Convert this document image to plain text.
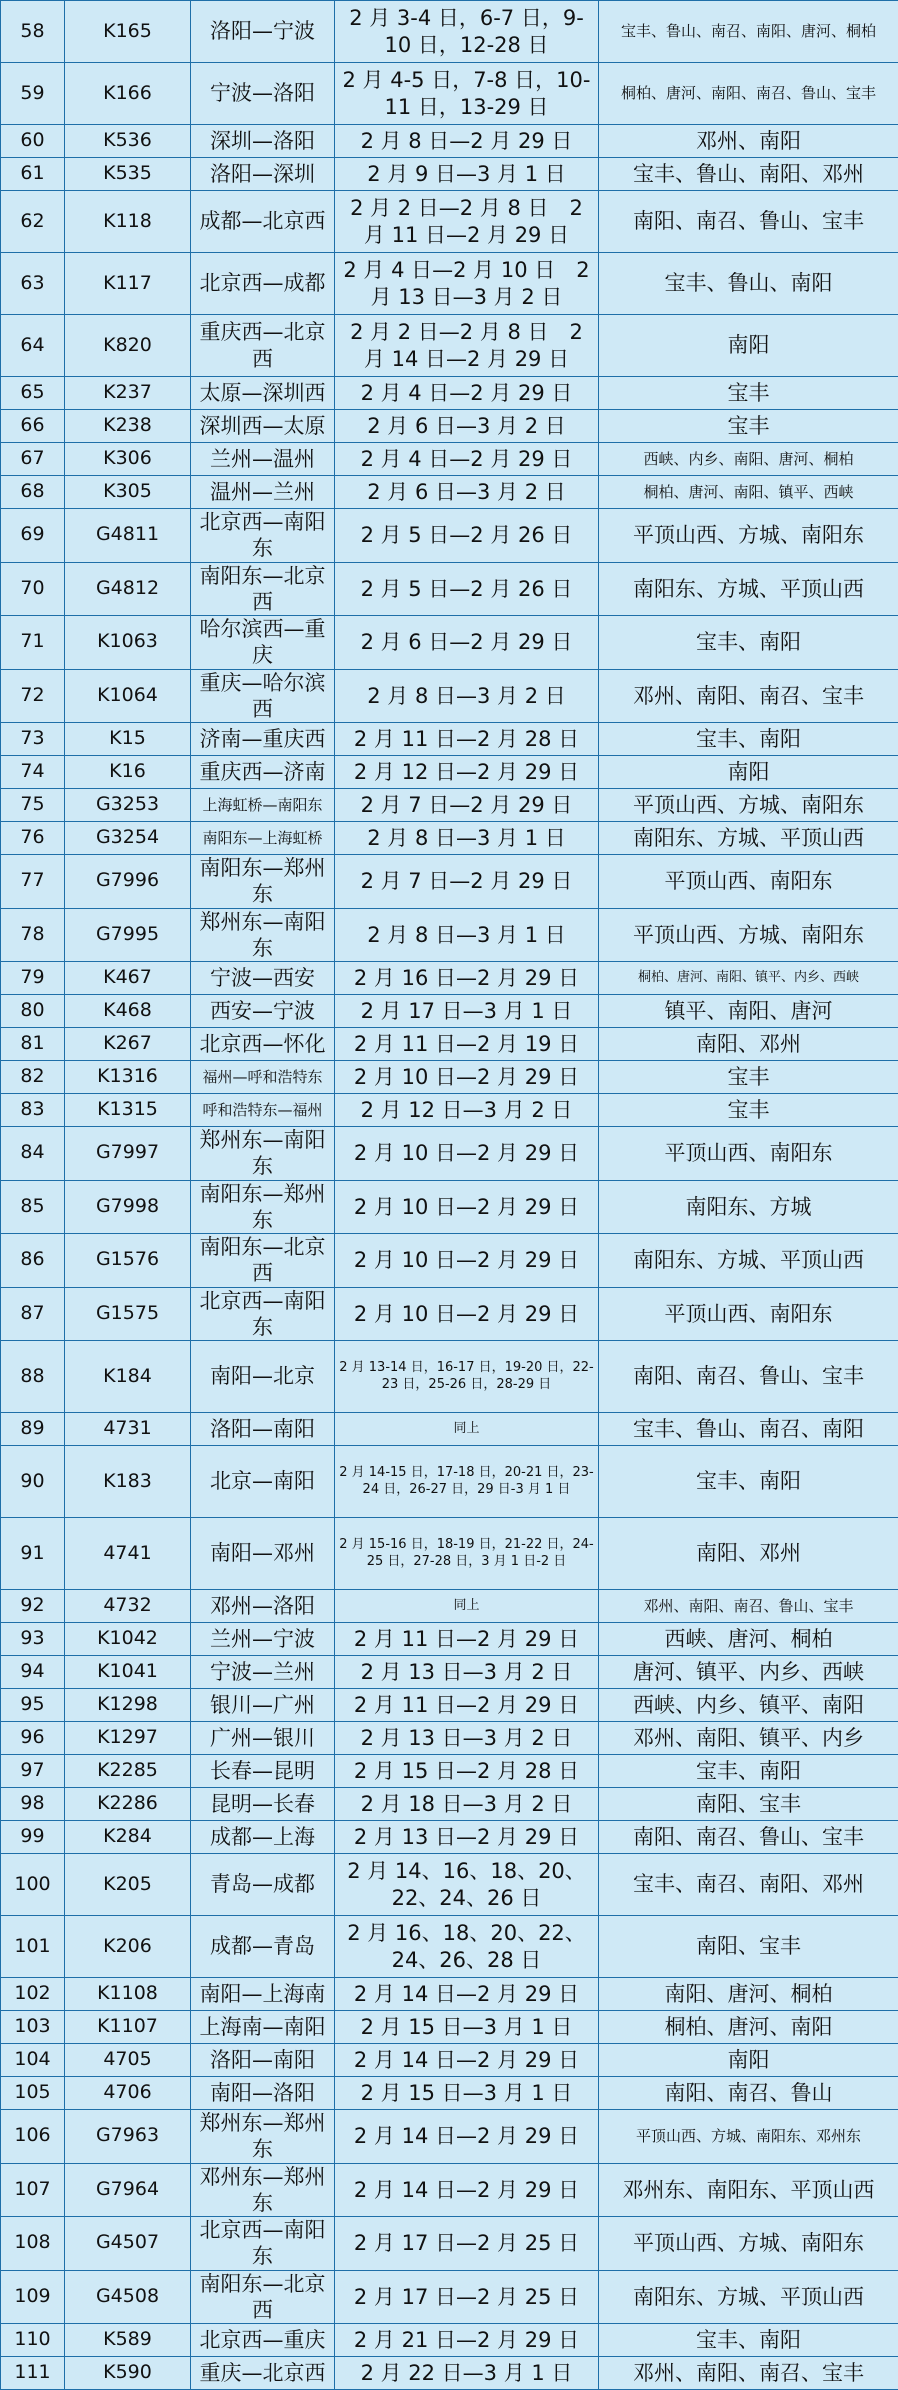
58	K165	洛阳—宁波	2 月 3-4 日，6-7 日，9-10 日，12-28 日	宝丰、鲁山、南召、南阳、唐河、桐柏
59	K166	宁波—洛阳	2 月 4-5 日，7-8 日，10-11 日，13-29 日	桐柏、唐河、南阳、南召、鲁山、宝丰
60	K536	深圳—洛阳	2 月 8 日—2 月 29 日	邓州、南阳
61	K535	洛阳—深圳	2 月 9 日—3 月 1 日	宝丰、鲁山、南阳、邓州
62	K118	成都—北京西	2 月 2 日—2 月 8 日　2 月 11 日—2 月 29 日	南阳、南召、鲁山、宝丰
63	K117	北京西—成都	2 月 4 日—2 月 10 日　2 月 13 日—3 月 2 日	宝丰、鲁山、南阳
64	K820	重庆西—北京西	2 月 2 日—2 月 8 日　2 月 14 日—2 月 29 日	南阳
65	K237	太原—深圳西	2 月 4 日—2 月 29 日	宝丰
66	K238	深圳西—太原	2 月 6 日—3 月 2 日	宝丰
67	K306	兰州—温州	2 月 4 日—2 月 29 日	西峡、内乡、南阳、唐河、桐柏
68	K305	温州—兰州	2 月 6 日—3 月 2 日	桐柏、唐河、南阳、镇平、西峡
69	G4811	北京西—南阳东	2 月 5 日—2 月 26 日	平顶山西、方城、南阳东
70	G4812	南阳东—北京西	2 月 5 日—2 月 26 日	南阳东、方城、平顶山西
71	K1063	哈尔滨西—重庆	2 月 6 日—2 月 29 日	宝丰、南阳
72	K1064	重庆—哈尔滨西	2 月 8 日—3 月 2 日	邓州、南阳、南召、宝丰
73	K15	济南—重庆西	2 月 11 日—2 月 28 日	宝丰、南阳
74	K16	重庆西—济南	2 月 12 日—2 月 29 日	南阳
75	G3253	上海虹桥—南阳东	2 月 7 日—2 月 29 日	平顶山西、方城、南阳东
76	G3254	南阳东—上海虹桥	2 月 8 日—3 月 1 日	南阳东、方城、平顶山西
77	G7996	南阳东—郑州东	2 月 7 日—2 月 29 日	平顶山西、南阳东
78	G7995	郑州东—南阳东	2 月 8 日—3 月 1 日	平顶山西、方城、南阳东
79	K467	宁波—西安	2 月 16 日—2 月 29 日	桐柏、唐河、南阳、镇平、内乡、西峡
80	K468	西安—宁波	2 月 17 日—3 月 1 日	镇平、南阳、唐河
81	K267	北京西—怀化	2 月 11 日—2 月 19 日	南阳、邓州
82	K1316	福州—呼和浩特东	2 月 10 日—2 月 29 日	宝丰
83	K1315	呼和浩特东—福州	2 月 12 日—3 月 2 日	宝丰
84	G7997	郑州东—南阳东	2 月 10 日—2 月 29 日	平顶山西、南阳东
85	G7998	南阳东—郑州东	2 月 10 日—2 月 29 日	南阳东、方城
86	G1576	南阳东—北京西	2 月 10 日—2 月 29 日	南阳东、方城、平顶山西
87	G1575	北京西—南阳东	2 月 10 日—2 月 29 日	平顶山西、南阳东
88	K184	南阳—北京	2 月 13-14 日，16-17 日，19-20 日，22-23 日，25-26 日，28-29 日	南阳、南召、鲁山、宝丰
89	4731	洛阳—南阳	同上	宝丰、鲁山、南召、南阳
90	K183	北京—南阳	2 月 14-15 日，17-18 日，20-21 日，23-24 日，26-27 日，29 日-3 月 1 日	宝丰、南阳
91	4741	南阳—邓州	2 月 15-16 日，18-19 日，21-22 日，24-25 日，27-28 日，3 月 1 日-2 日	南阳、邓州
92	4732	邓州—洛阳	同上	邓州、南阳、南召、鲁山、宝丰
93	K1042	兰州—宁波	2 月 11 日—2 月 29 日	西峡、唐河、桐柏
94	K1041	宁波—兰州	2 月 13 日—3 月 2 日	唐河、镇平、内乡、西峡
95	K1298	银川—广州	2 月 11 日—2 月 29 日	西峡、内乡、镇平、南阳
96	K1297	广州—银川	2 月 13 日—3 月 2 日	邓州、南阳、镇平、内乡
97	K2285	长春—昆明	2 月 15 日—2 月 28 日	宝丰、南阳
98	K2286	昆明—长春	2 月 18 日—3 月 2 日	南阳、宝丰
99	K284	成都—上海	2 月 13 日—2 月 29 日	南阳、南召、鲁山、宝丰
100	K205	青岛—成都	2 月 14、16、18、20、22、24、26 日	宝丰、南召、南阳、邓州
101	K206	成都—青岛	2 月 16、18、20、22、24、26、28 日	南阳、宝丰
102	K1108	南阳—上海南	2 月 14 日—2 月 29 日	南阳、唐河、桐柏
103	K1107	上海南—南阳	2 月 15 日—3 月 1 日	桐柏、唐河、南阳
104	4705	洛阳—南阳	2 月 14 日—2 月 29 日	南阳
105	4706	南阳—洛阳	2 月 15 日—3 月 1 日	南阳、南召、鲁山
106	G7963	郑州东—郑州东	2 月 14 日—2 月 29 日	平顶山西、方城、南阳东、邓州东
107	G7964	邓州东—郑州东	2 月 14 日—2 月 29 日	邓州东、南阳东、平顶山西
108	G4507	北京西—南阳东	2 月 17 日—2 月 25 日	平顶山西、方城、南阳东
109	G4508	南阳东—北京西	2 月 17 日—2 月 25 日	南阳东、方城、平顶山西
110	K589	北京西—重庆	2 月 21 日—2 月 29 日	宝丰、南阳
111	K590	重庆—北京西	2 月 22 日—3 月 1 日	邓州、南阳、南召、宝丰
